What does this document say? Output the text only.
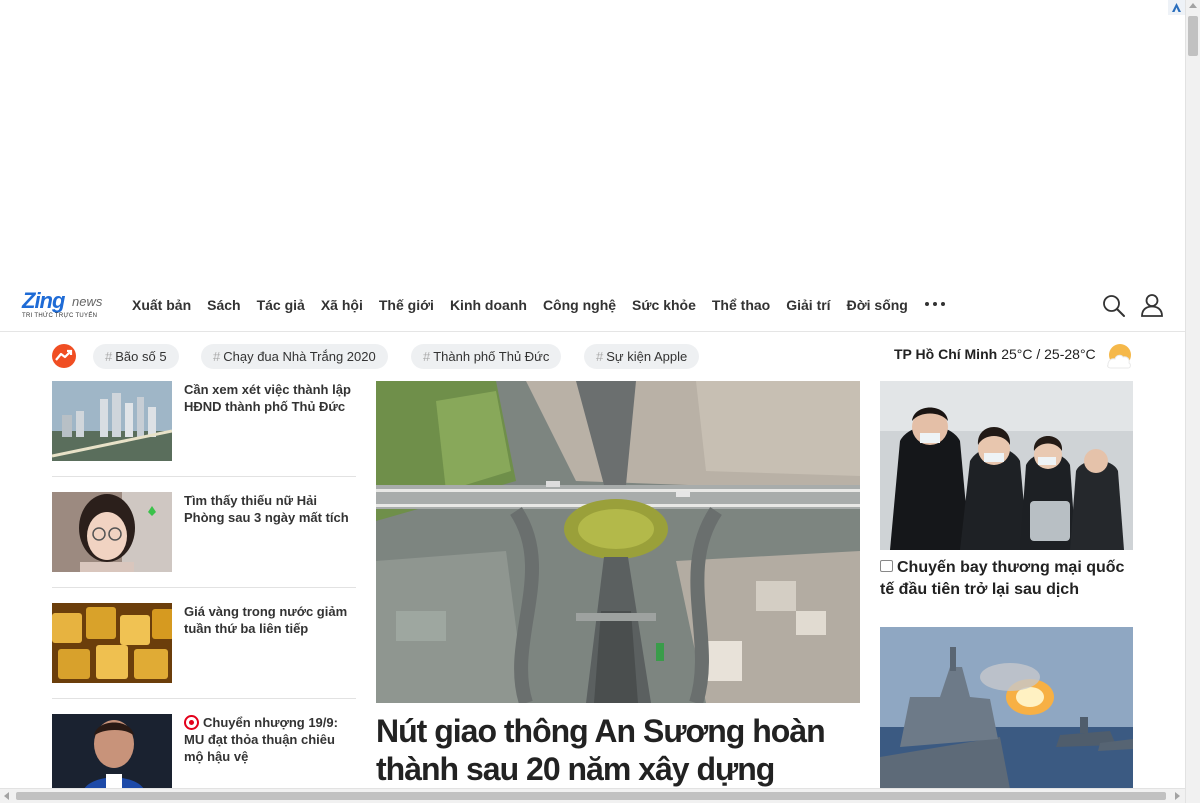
Zing news
TRI THỨC TRỰC TUYẾN
Xuất bản Sách Tác giả Xã hội Thế giới Kinh doanh Công nghệ Sức khỏe Thể thao Giải trí Đời sống
# Bão số 5	# Chạy đua Nhà Trắng 2020	# Thành phố Thủ Đức	# Sự kiện Apple	TP Hồ Chí Minh 25°C / 25-28°C
Cần xem xét việc thành lập HĐND thành phố Thủ Đức
Tìm thấy thiếu nữ Hải Phòng sau 3 ngày mất tích
Giá vàng trong nước giảm tuần thứ ba liên tiếp
Chuyển nhượng 19/9: MU đạt thỏa thuận chiêu mộ hậu vệ
Nút giao thông An Sương hoàn thành sau 20 năm xây dựng
Chuyến bay thương mại quốc tế đầu tiên trở lại sau dịch
